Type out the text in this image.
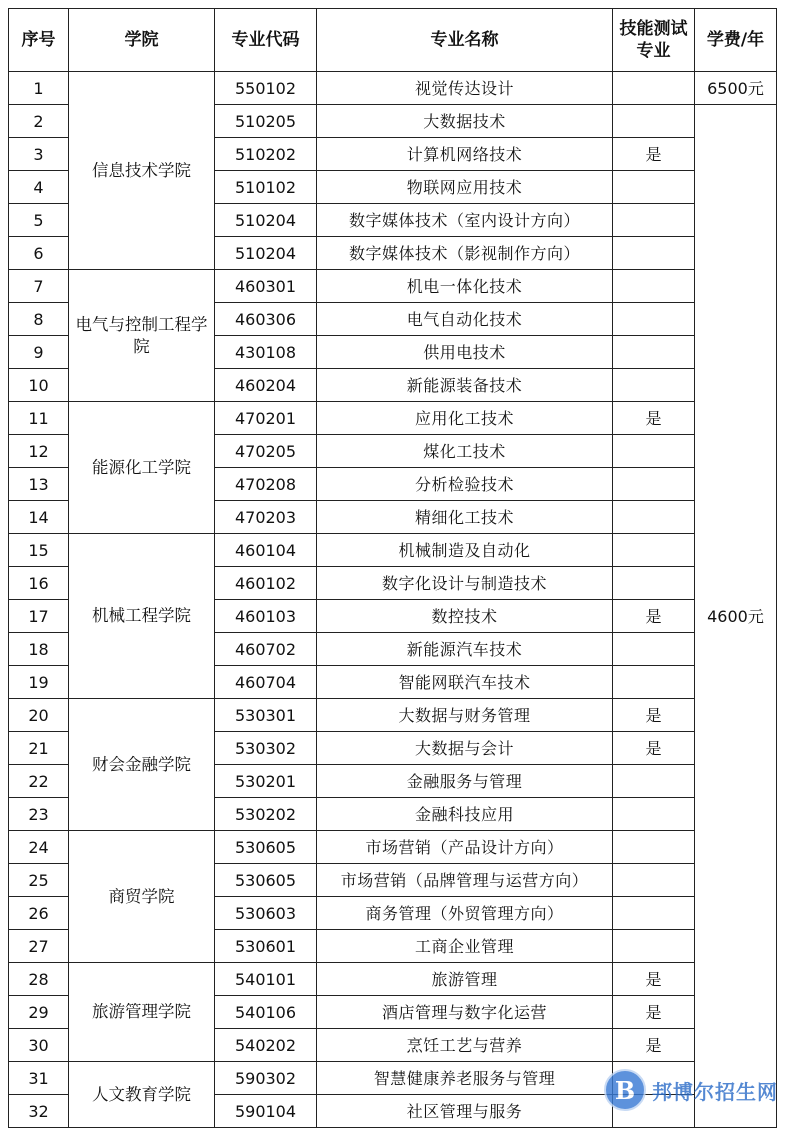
序号	学院	专业代码	专业名称	技能测试专业	学费/年
1	信息技术学院	550102	视觉传达设计		6500元
2		510205	大数据技术		4600元
3		510202	计算机网络技术	是	
4		510102	物联网应用技术		
5		510204	数字媒体技术（室内设计方向）		
6		510204	数字媒体技术（影视制作方向）		
7	电气与控制工程学院	460301	机电一体化技术		
8		460306	电气自动化技术		
9		430108	供用电技术		
10		460204	新能源装备技术		
11	能源化工学院	470201	应用化工技术	是	
12		470205	煤化工技术		
13		470208	分析检验技术		
14		470203	精细化工技术		
15	机械工程学院	460104	机械制造及自动化		
16		460102	数字化设计与制造技术		
17		460103	数控技术	是	
18		460702	新能源汽车技术		
19		460704	智能网联汽车技术		
20	财会金融学院	530301	大数据与财务管理	是	
21		530302	大数据与会计	是	
22		530201	金融服务与管理		
23		530202	金融科技应用		
24	商贸学院	530605	市场营销（产品设计方向）		
25		530605	市场营销（品牌管理与运营方向）		
26		530603	商务管理（外贸管理方向）		
27		530601	工商企业管理		
28	旅游管理学院	540101	旅游管理	是	
29		540106	酒店管理与数字化运营	是	
30		540202	烹饪工艺与营养	是	
31	人文教育学院	590302	智慧健康养老服务与管理		
32		590104	社区管理与服务		
B 邦博尔招生网
